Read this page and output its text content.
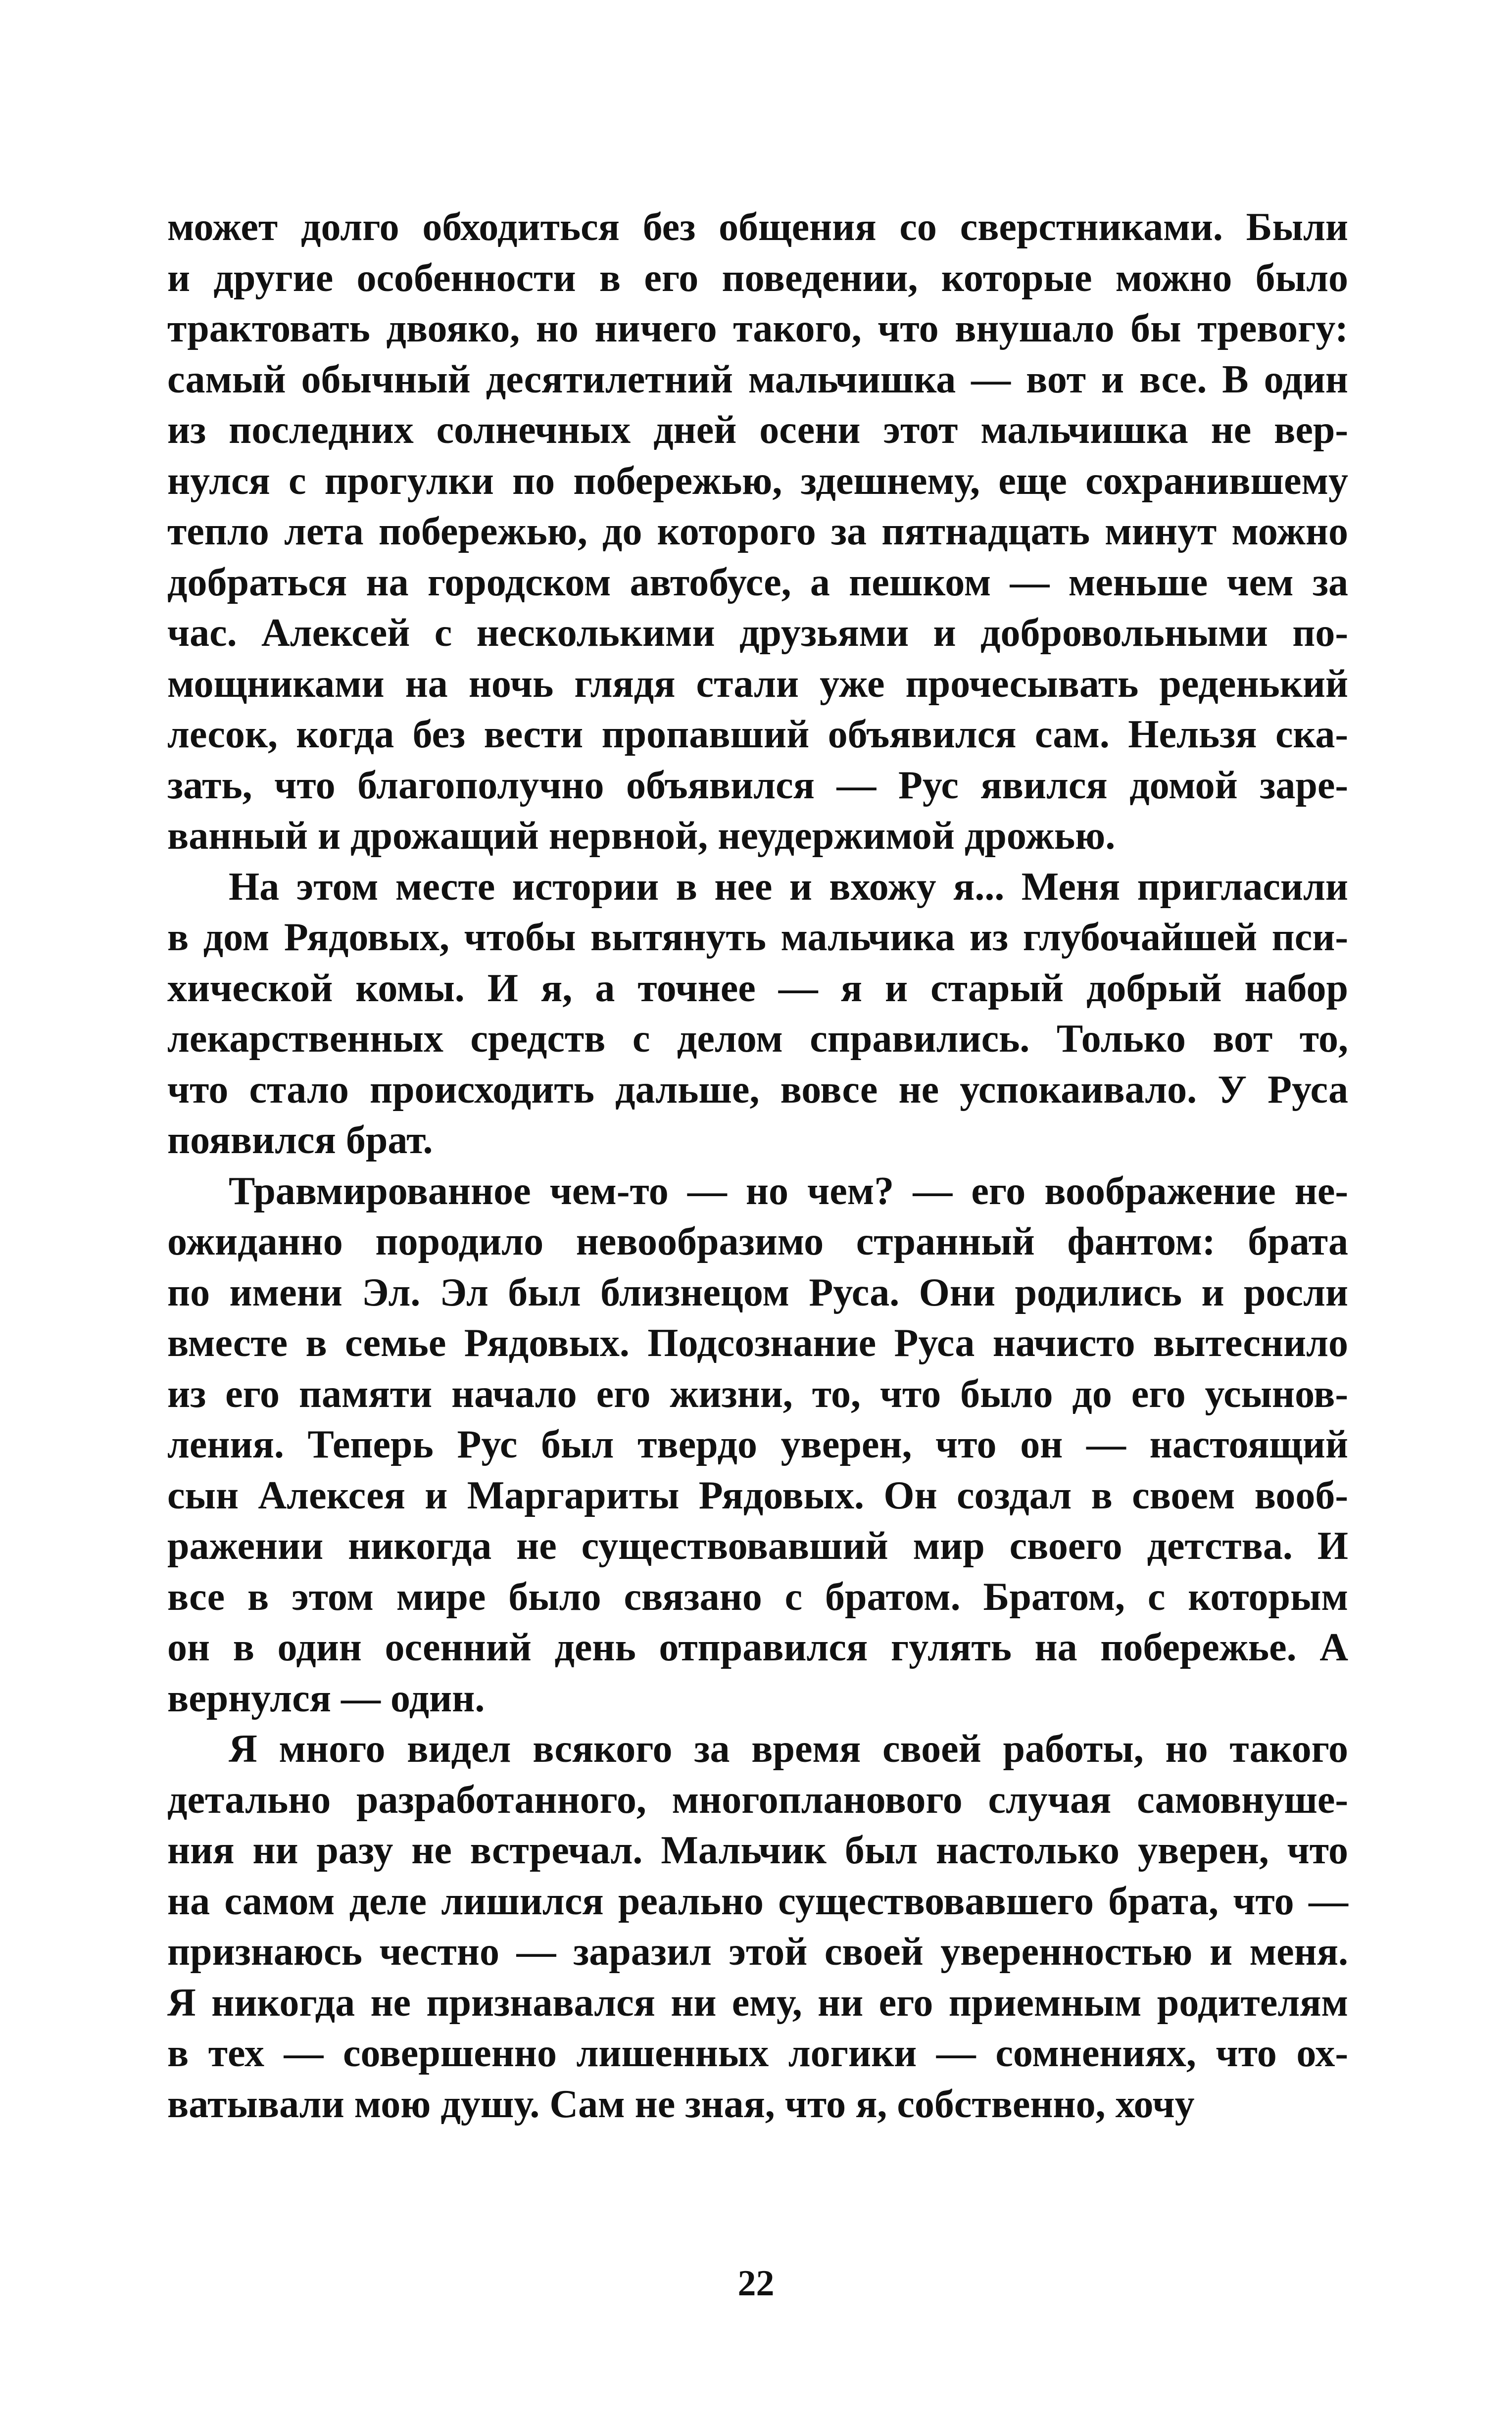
может долго обходиться без общения со сверстниками. Были
и другие особенности в его поведении, которые можно было
трактовать двояко, но ничего такого, что внушало бы тревогу:
самый обычный десятилетний мальчишка — вот и все. В один
из последних солнечных дней осени этот мальчишка не вер-
нулся с прогулки по побережью, здешнему, еще сохранившему
тепло лета побережью, до которого за пятнадцать минут можно
добраться на городском автобусе, а пешком — меньше чем за
час. Алексей с несколькими друзьями и добровольными по-
мощниками на ночь глядя стали уже прочесывать реденький
лесок, когда без вести пропавший объявился сам. Нельзя ска-
зать, что благополучно объявился — Рус явился домой заре-
ванный и дрожащий нервной, неудержимой дрожью.
На этом месте истории в нее и вхожу я... Меня пригласили
в дом Рядовых, чтобы вытянуть мальчика из глубочайшей пси-
хической комы. И я, а точнее — я и старый добрый набор
лекарственных средств с делом справились. Только вот то,
что стало происходить дальше, вовсе не успокаивало. У Руса
появился брат.
Травмированное чем-то — но чем? — его воображение не-
ожиданно породило невообразимо странный фантом: брата
по имени Эл. Эл был близнецом Руса. Они родились и росли
вместе в семье Рядовых. Подсознание Руса начисто вытеснило
из его памяти начало его жизни, то, что было до его усынов-
ления. Теперь Рус был твердо уверен, что он — настоящий
сын Алексея и Маргариты Рядовых. Он создал в своем вооб-
ражении никогда не существовавший мир своего детства. И
все в этом мире было связано с братом. Братом, с которым
он в один осенний день отправился гулять на побережье. А
вернулся — один.
Я много видел всякого за время своей работы, но такого
детально разработанного, многопланового случая самовнуше-
ния ни разу не встречал. Мальчик был настолько уверен, что
на самом деле лишился реально существовавшего брата, что —
признаюсь честно — заразил этой своей уверенностью и меня.
Я никогда не признавался ни ему, ни его приемным родителям
в тех — совершенно лишенных логики — сомнениях, что ох-
ватывали мою душу. Сам не зная, что я, собственно, хочу
22
